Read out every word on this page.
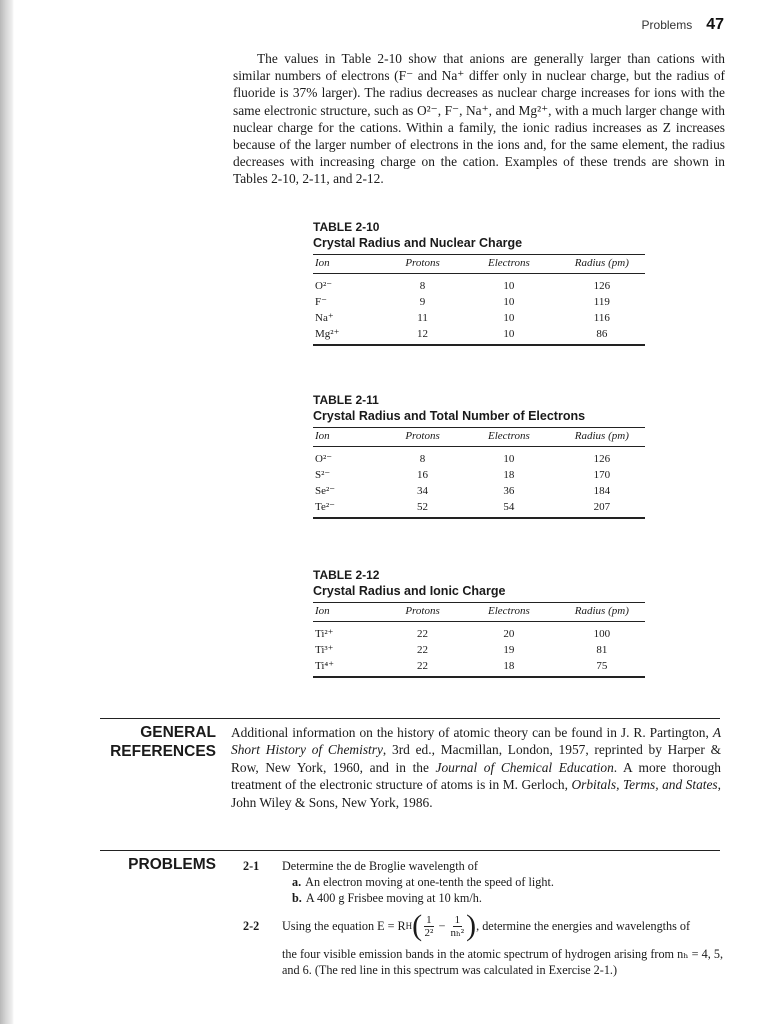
Problems 47

The values in Table 2-10 show that anions are generally larger than cations with similar numbers of electrons (F⁻ and Na⁺ differ only in nuclear charge, but the radius of fluoride is 37% larger). The radius decreases as nuclear charge increases for ions with the same electronic structure, such as O²⁻, F⁻, Na⁺, and Mg²⁺, with a much larger change with nuclear charge for the cations. Within a family, the ionic radius increases as Z increases because of the larger number of electrons in the ions and, for the same element, the radius decreases with increasing charge on the cation. Examples of these trends are shown in Tables 2-10, 2-11, and 2-12.

TABLE 2-10
Crystal Radius and Nuclear Charge
Ion	Protons	Electrons	Radius (pm)
O²⁻	8	10	126
F⁻	9	10	119
Na⁺	11	10	116
Mg²⁺	12	10	86
TABLE 2-11
Crystal Radius and Total Number of Electrons
Ion	Protons	Electrons	Radius (pm)
O²⁻	8	10	126
S²⁻	16	18	170
Se²⁻	34	36	184
Te²⁻	52	54	207
TABLE 2-12
Crystal Radius and Ionic Charge
Ion	Protons	Electrons	Radius (pm)
Ti²⁺	22	20	100
Ti³⁺	22	19	81
Ti⁴⁺	22	18	75
GENERAL
REFERENCES

Additional information on the history of atomic theory can be found in J. R. Partington, A Short History of Chemistry, 3rd ed., Macmillan, London, 1957, reprinted by Harper & Row, New York, 1960, and in the Journal of Chemical Education. A more thorough treatment of the electronic structure of atoms is in M. Gerloch, Orbitals, Terms, and States, John Wiley & Sons, New York, 1986.

PROBLEMS 2-1 Determine the de Broglie wavelength of
a. An electron moving at one-tenth the speed of light.
b. A 400 g Frisbee moving at 10 km/h.
2-2 Using the equation E = R H ( $\frac{1}{\text{2²}} - \frac{1}{\text{nₕ²}}$ ) , determine the energies and wavelengths of
the four visible emission bands in the atomic spectrum of hydrogen arising from nₕ = 4, 5, and 6. (The red line in this spectrum was calculated in Exercise 2-1.)
